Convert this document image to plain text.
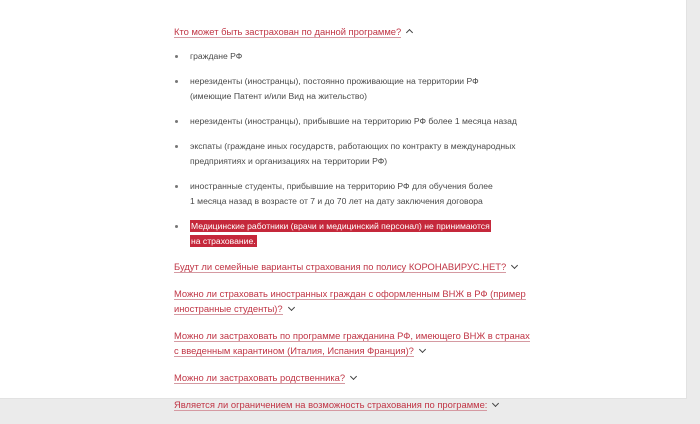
Кто может быть застрахован по данной программе?

граждане РФ
нерезиденты (иностранцы), постоянно проживающие на территории РФ
(имеющие Патент и/или Вид на жительство)
нерезиденты (иностранцы), прибывшие на территорию РФ более 1 месяца назад
экспаты (граждане иных государств, работающих по контракту в международных
предприятиях и организациях на территории РФ)
иностранные студенты, прибывшие на территорию РФ для обучения более
1 месяца назад в возрасте от 7 и до 70 лет на дату заключения договора
Медицинские работники (врачи и медицинский персонал) не принимаются
на страхование.

Будут ли семейные варианты страхования по полису КОРОНАВИРУС.НЕТ?

Можно ли страховать иностранных граждан с оформленным ВНЖ в РФ (пример
иностранные студенты)?

Можно ли застраховать по программе гражданина РФ, имеющего ВНЖ в странах
с введенным карантином (Италия, Испания Франция)?

Можно ли застраховать родственника?

Является ли ограничением на возможность страхования по программе:
